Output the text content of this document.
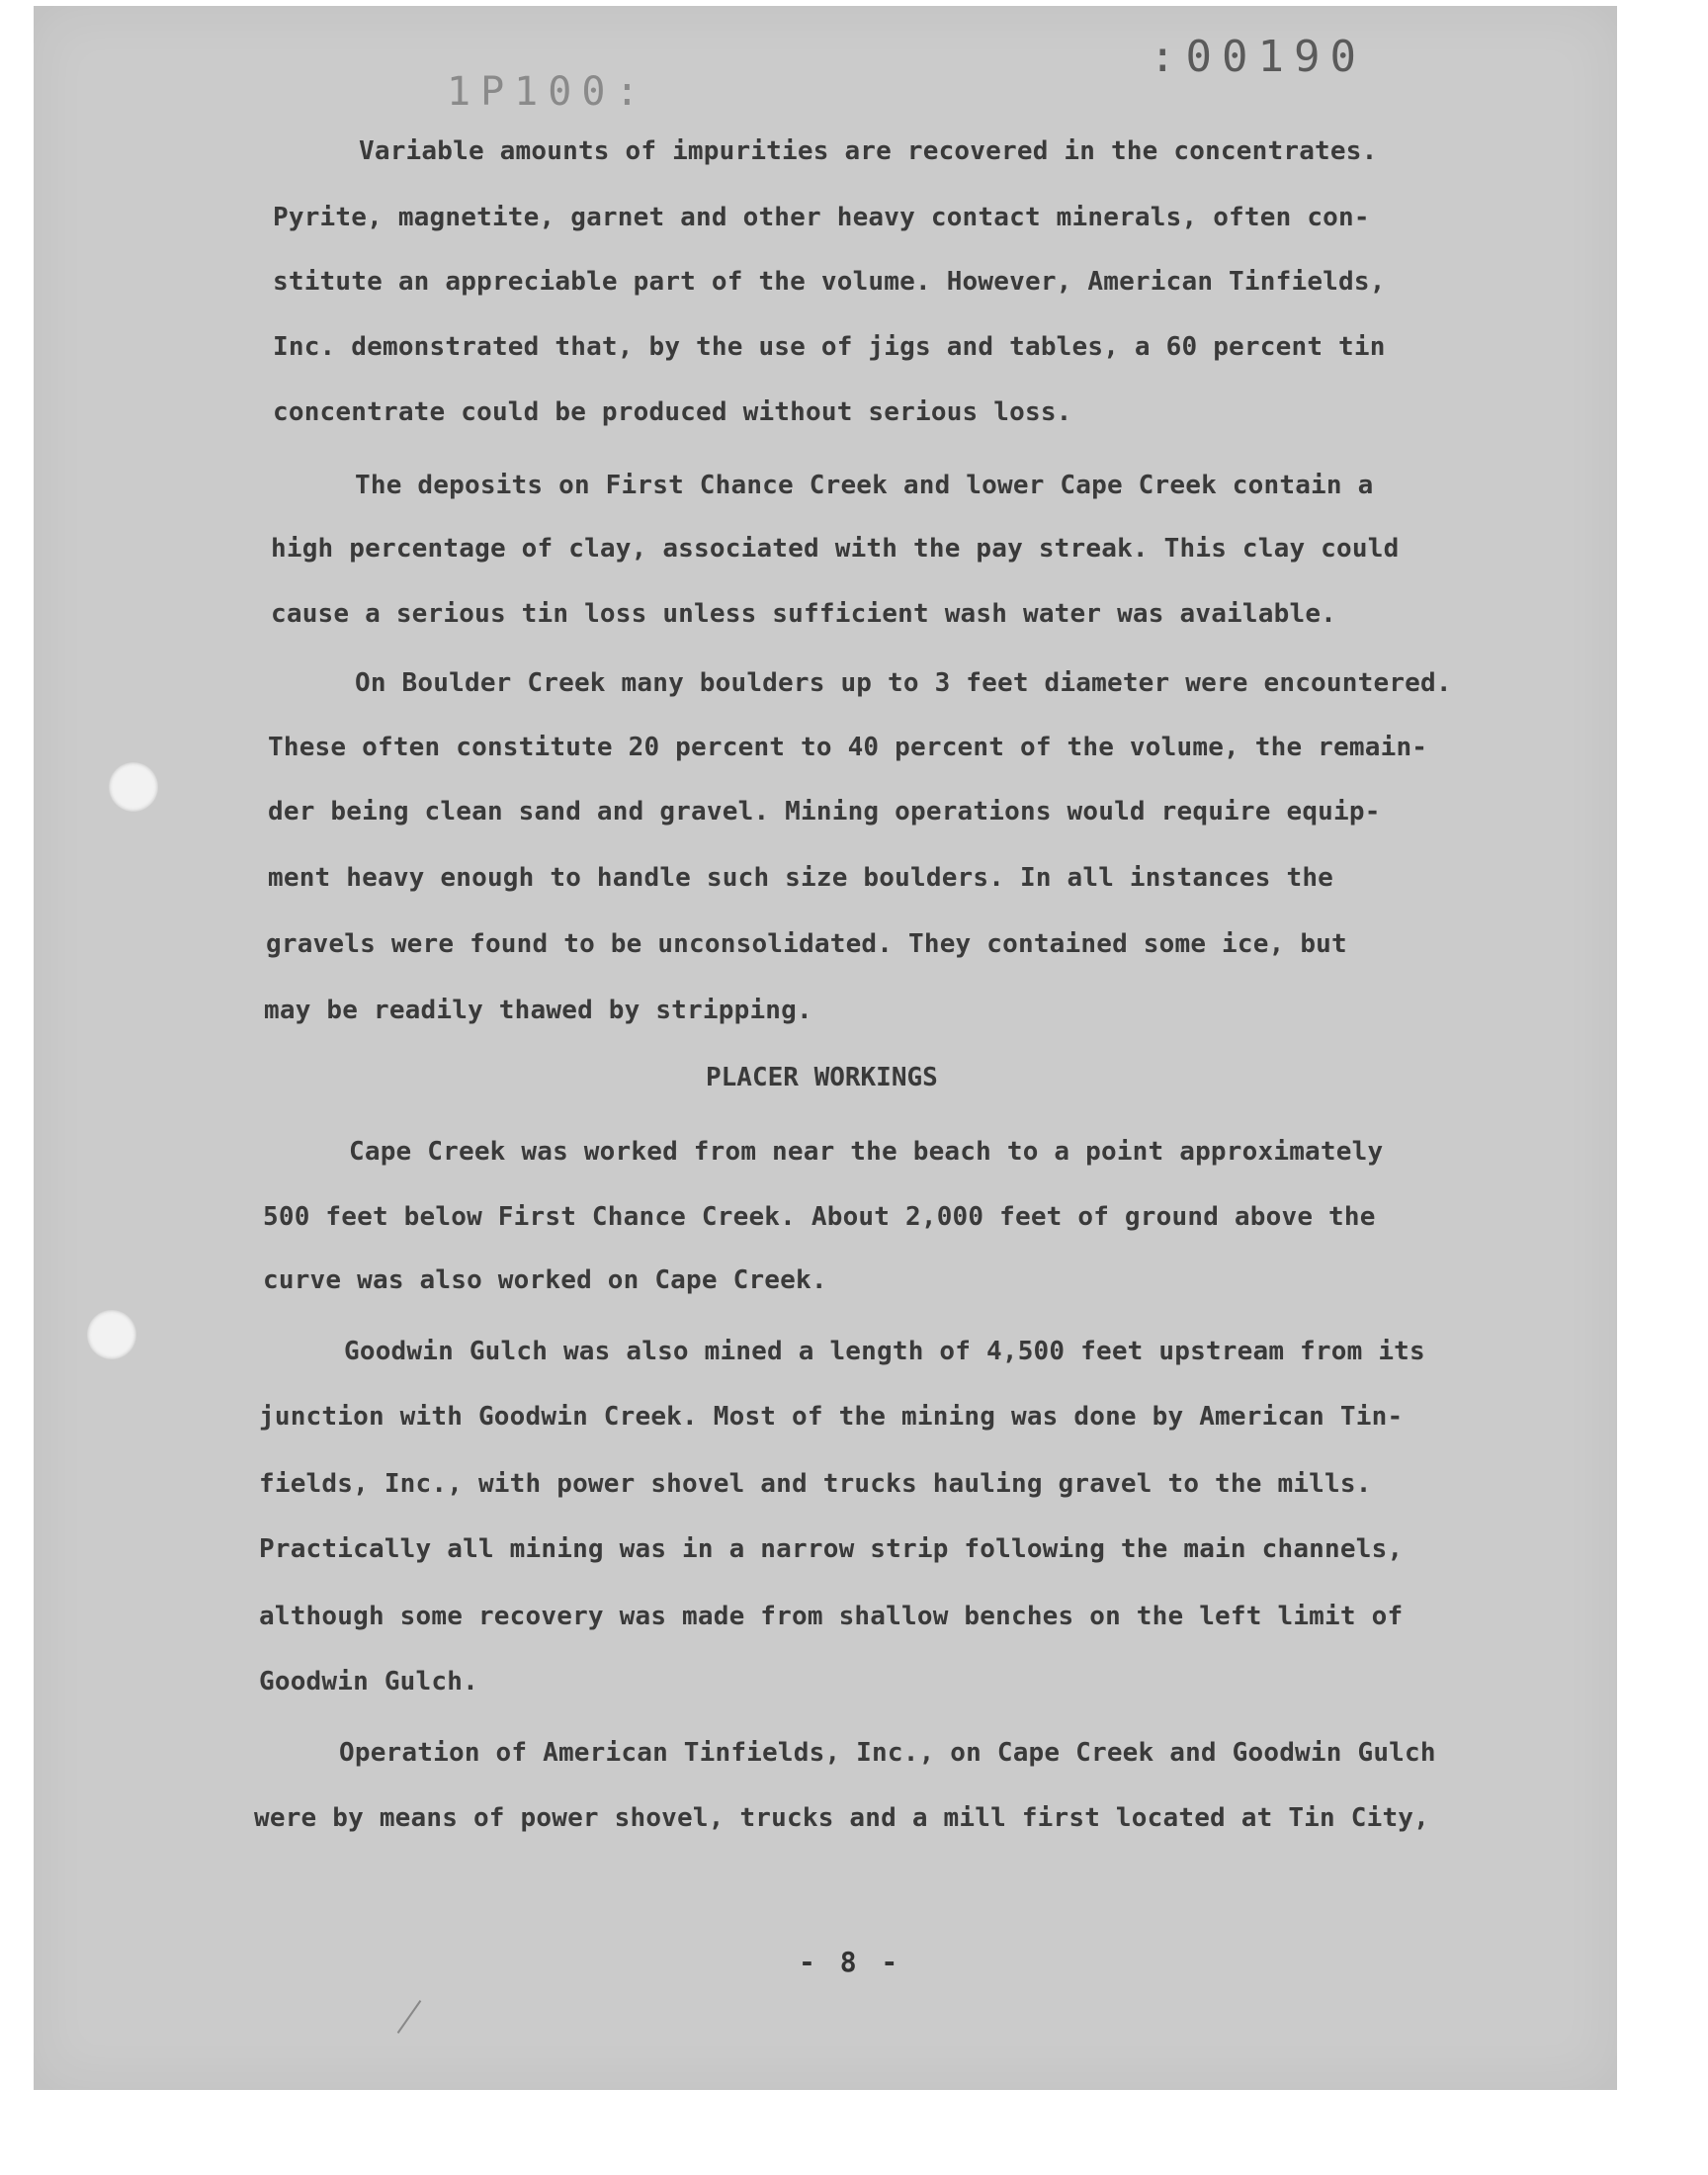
:00190
1P100:
Variable amounts of impurities are recovered in the concentrates.
Pyrite, magnetite, garnet and other heavy contact minerals, often con-
stitute an appreciable part of the volume. However, American Tinfields,
Inc. demonstrated that, by the use of jigs and tables, a 60 percent tin
concentrate could be produced without serious loss.
The deposits on First Chance Creek and lower Cape Creek contain a
high percentage of clay, associated with the pay streak. This clay could
cause a serious tin loss unless sufficient wash water was available.
On Boulder Creek many boulders up to 3 feet diameter were encountered.
These often constitute 20 percent to 40 percent of the volume, the remain-
der being clean sand and gravel. Mining operations would require equip-
ment heavy enough to handle such size boulders. In all instances the
gravels were found to be unconsolidated. They contained some ice, but
may be readily thawed by stripping.
PLACER WORKINGS
Cape Creek was worked from near the beach to a point approximately
500 feet below First Chance Creek. About 2,000 feet of ground above the
curve was also worked on Cape Creek.
Goodwin Gulch was also mined a length of 4,500 feet upstream from its
junction with Goodwin Creek. Most of the mining was done by American Tin-
fields, Inc., with power shovel and trucks hauling gravel to the mills.
Practically all mining was in a narrow strip following the main channels,
although some recovery was made from shallow benches on the left limit of
Goodwin Gulch.
Operation of American Tinfields, Inc., on Cape Creek and Goodwin Gulch
were by means of power shovel, trucks and a mill first located at Tin City,
- 8 -
